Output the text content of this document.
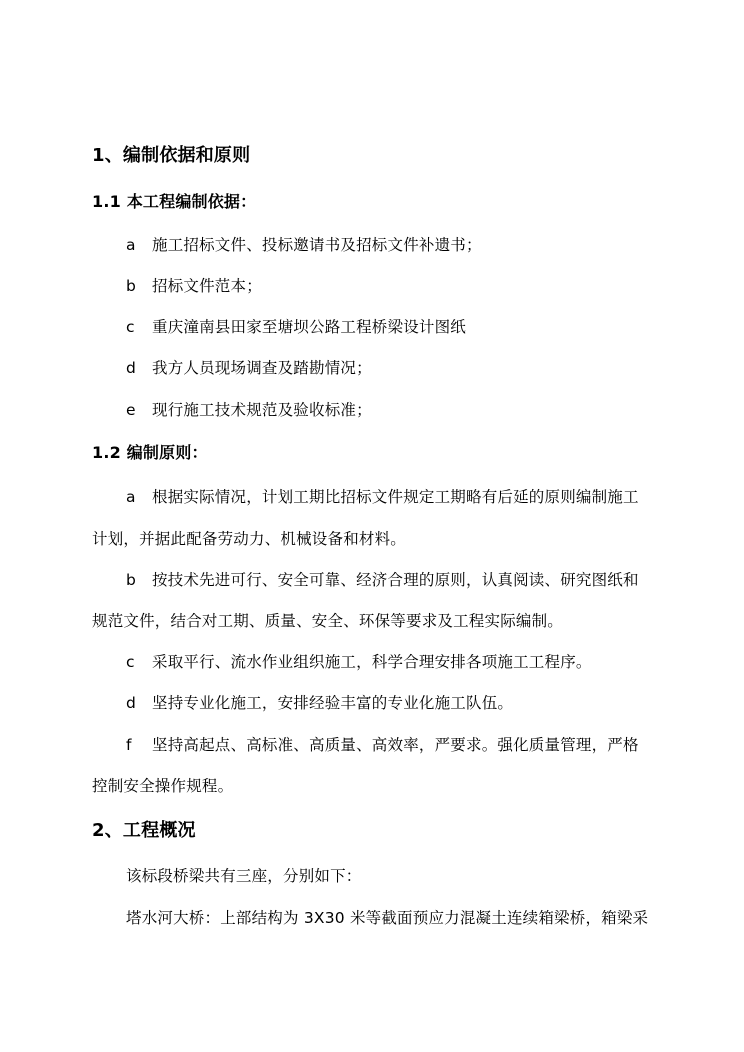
1、编制依据和原则
1.1 本工程编制依据：
a 施工招标文件、投标邀请书及招标文件补遗书；
b 招标文件范本；
c 重庆潼南县田家至塘坝公路工程桥梁设计图纸
d 我方人员现场调查及踏勘情况；
e 现行施工技术规范及验收标准；
1.2 编制原则：
a 根据实际情况，计划工期比招标文件规定工期略有后延的原则编制施工
计划，并据此配备劳动力、机械设备和材料。
b 按技术先进可行、安全可靠、经济合理的原则，认真阅读、研究图纸和
规范文件，结合对工期、质量、安全、环保等要求及工程实际编制。
c 采取平行、流水作业组织施工，科学合理安排各项施工工程序。
d 坚持专业化施工，安排经验丰富的专业化施工队伍。
f 坚持高起点、高标准、高质量、高效率，严要求。强化质量管理，严格
控制安全操作规程。
2、工程概况
该标段桥梁共有三座，分别如下：
塔水河大桥：上部结构为 3X30 米等截面预应力混凝土连续箱梁桥，箱梁采
